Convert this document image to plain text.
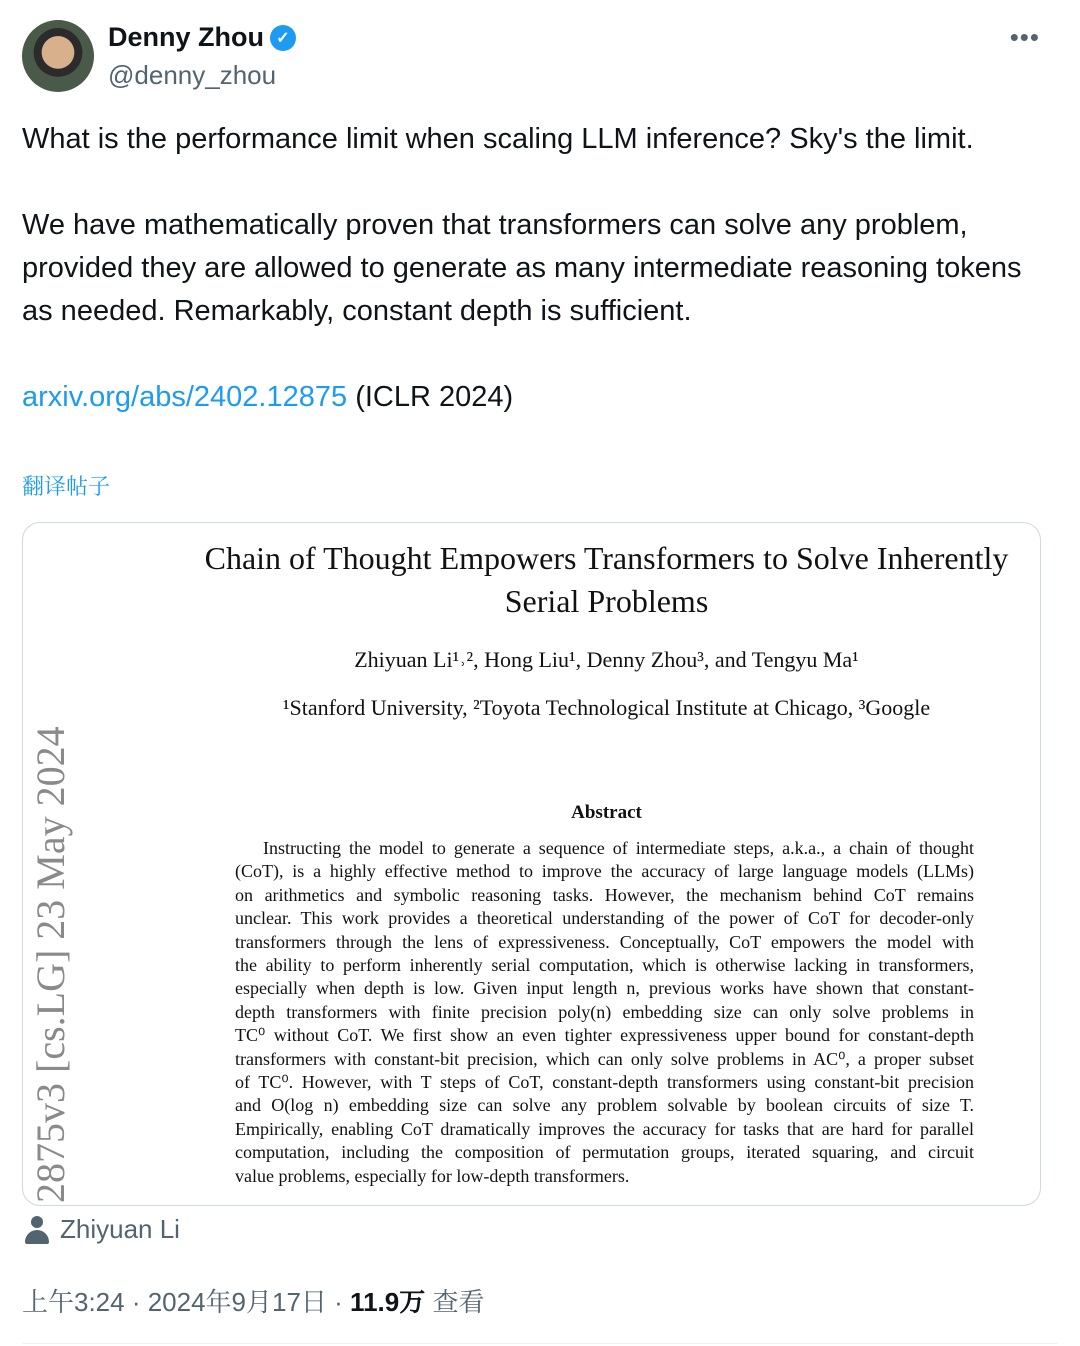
Denny Zhou ✓
@denny_zhou
•••

What is the performance limit when scaling LLM inference? Sky's the limit.

We have mathematically proven that transformers can solve any problem, provided they are allowed to generate as many intermediate reasoning tokens as needed. Remarkably, constant depth is sufficient.

arxiv.org/abs/2402.12875 (ICLR 2024)

翻译帖子
2875v3 [cs.LG] 23 May 2024
Chain of Thought Empowers Transformers to Solve Inherently
Serial Problems
Zhiyuan Li¹˒², Hong Liu¹, Denny Zhou³, and Tengyu Ma¹
¹Stanford University, ²Toyota Technological Institute at Chicago, ³Google
Abstract
Instructing the model to generate a sequence of intermediate steps, a.k.a., a chain of thought
(CoT), is a highly effective method to improve the accuracy of large language models (LLMs)
on arithmetics and symbolic reasoning tasks. However, the mechanism behind CoT remains
unclear. This work provides a theoretical understanding of the power of CoT for decoder-only
transformers through the lens of expressiveness. Conceptually, CoT empowers the model with
the ability to perform inherently serial computation, which is otherwise lacking in transformers,
especially when depth is low. Given input length n, previous works have shown that constant-
depth transformers with finite precision poly(n) embedding size can only solve problems in
TC⁰ without CoT. We first show an even tighter expressiveness upper bound for constant-depth
transformers with constant-bit precision, which can only solve problems in AC⁰, a proper subset
of TC⁰. However, with T steps of CoT, constant-depth transformers using constant-bit precision
and O(log n) embedding size can solve any problem solvable by boolean circuits of size T.
Empirically, enabling CoT dramatically improves the accuracy for tasks that are hard for parallel
computation, including the composition of permutation groups, iterated squaring, and circuit
value problems, especially for low-depth transformers.
Zhiyuan Li
上午3:24 · 2024年9月17日 · 11.9万 查看
